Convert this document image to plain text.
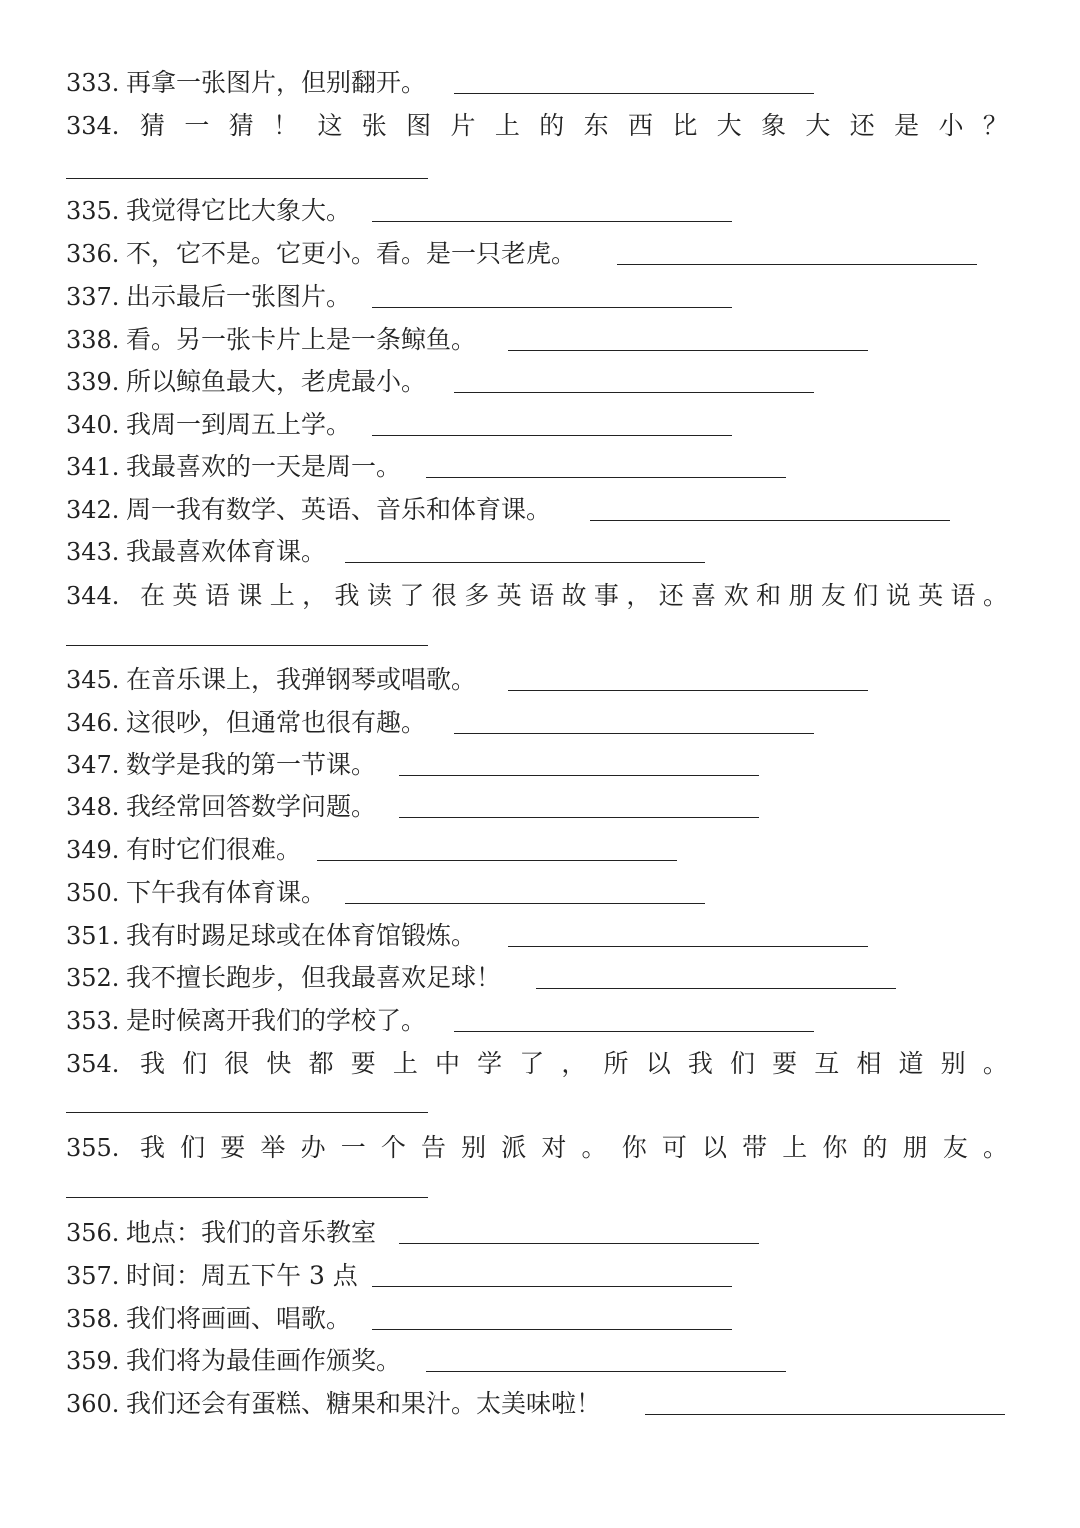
333. 再拿一张图片，但别翻开。
334. 猜 一 猜 ！ 这 张 图 片 上 的 东 西 比 大 象 大 还 是 小 ？
335. 我觉得它比大象大。
336. 不，它不是。它更小。看。是一只老虎。
337. 出示最后一张图片。
338. 看。另一张卡片上是一条鲸鱼。
339. 所以鲸鱼最大，老虎最小。
340. 我周一到周五上学。
341. 我最喜欢的一天是周一。
342. 周一我有数学、英语、音乐和体育课。
343. 我最喜欢体育课。
344. 在 英 语 课 上 ， 我 读 了 很 多 英 语 故 事 ， 还 喜 欢 和 朋 友 们 说 英 语 。
345. 在音乐课上，我弹钢琴或唱歌。
346. 这很吵，但通常也很有趣。
347. 数学是我的第一节课。
348. 我经常回答数学问题。
349. 有时它们很难。
350. 下午我有体育课。
351. 我有时踢足球或在体育馆锻炼。
352. 我不擅长跑步，但我最喜欢足球！
353. 是时候离开我们的学校了。
354. 我 们 很 快 都 要 上 中 学 了 ， 所 以 我 们 要 互 相 道 别 。
355. 我 们 要 举 办 一 个 告 别 派 对 。 你 可 以 带 上 你 的 朋 友 。
356. 地点：我们的音乐教室
357. 时间：周五下午 3 点
358. 我们将画画、唱歌。
359. 我们将为最佳画作颁奖。
360. 我们还会有蛋糕、糖果和果汁。太美味啦！
